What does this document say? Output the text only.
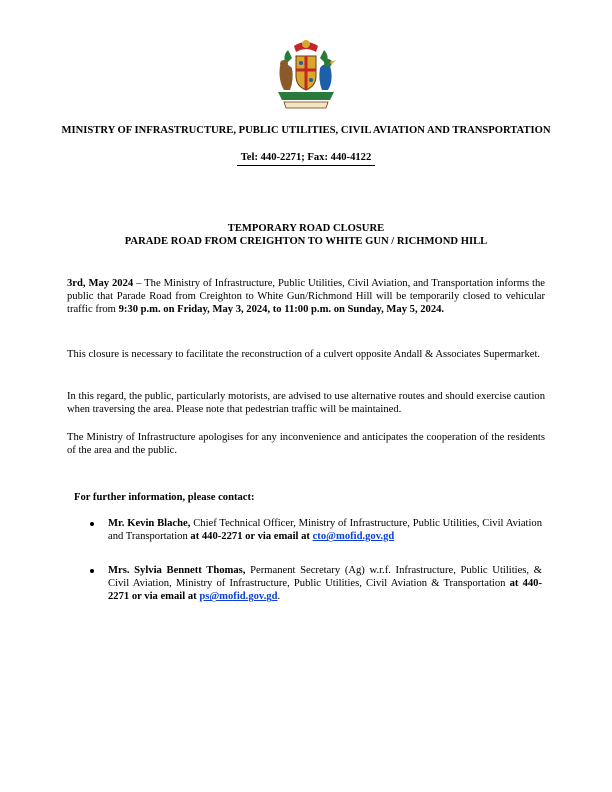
MINISTRY OF INFRASTRUCTURE, PUBLIC UTILITIES, CIVIL AVIATION AND TRANSPORTATION
Tel: 440-2271; Fax: 440-4122
TEMPORARY ROAD CLOSURE
PARADE ROAD FROM CREIGHTON TO WHITE GUN / RICHMOND HILL

3rd, May 2024 – The Ministry of Infrastructure, Public Utilities, Civil Aviation, and Transportation informs the public that Parade Road from Creighton to White Gun/Richmond Hill will be temporarily closed to vehicular traffic from 9:30 p.m. on Friday, May 3, 2024, to 11:00 p.m. on Sunday, May 5, 2024.

This closure is necessary to facilitate the reconstruction of a culvert opposite Andall & Associates Supermarket.

In this regard, the public, particularly motorists, are advised to use alternative routes and should exercise caution when traversing the area. Please note that pedestrian traffic will be maintained.

The Ministry of Infrastructure apologises for any inconvenience and anticipates the cooperation of the residents of the area and the public.

For further information, please contact:
Mr. Kevin Blache, Chief Technical Officer, Ministry of Infrastructure, Public Utilities, Civil Aviation and Transportation at 440-2271 or via email at cto@mofid.gov.gd
Mrs. Sylvia Bennett Thomas, Permanent Secretary (Ag) w.r.f. Infrastructure, Public Utilities, & Civil Aviation, Ministry of Infrastructure, Public Utilities, Civil Aviation & Transportation at 440-2271 or via email at ps@mofid.gov.gd.
